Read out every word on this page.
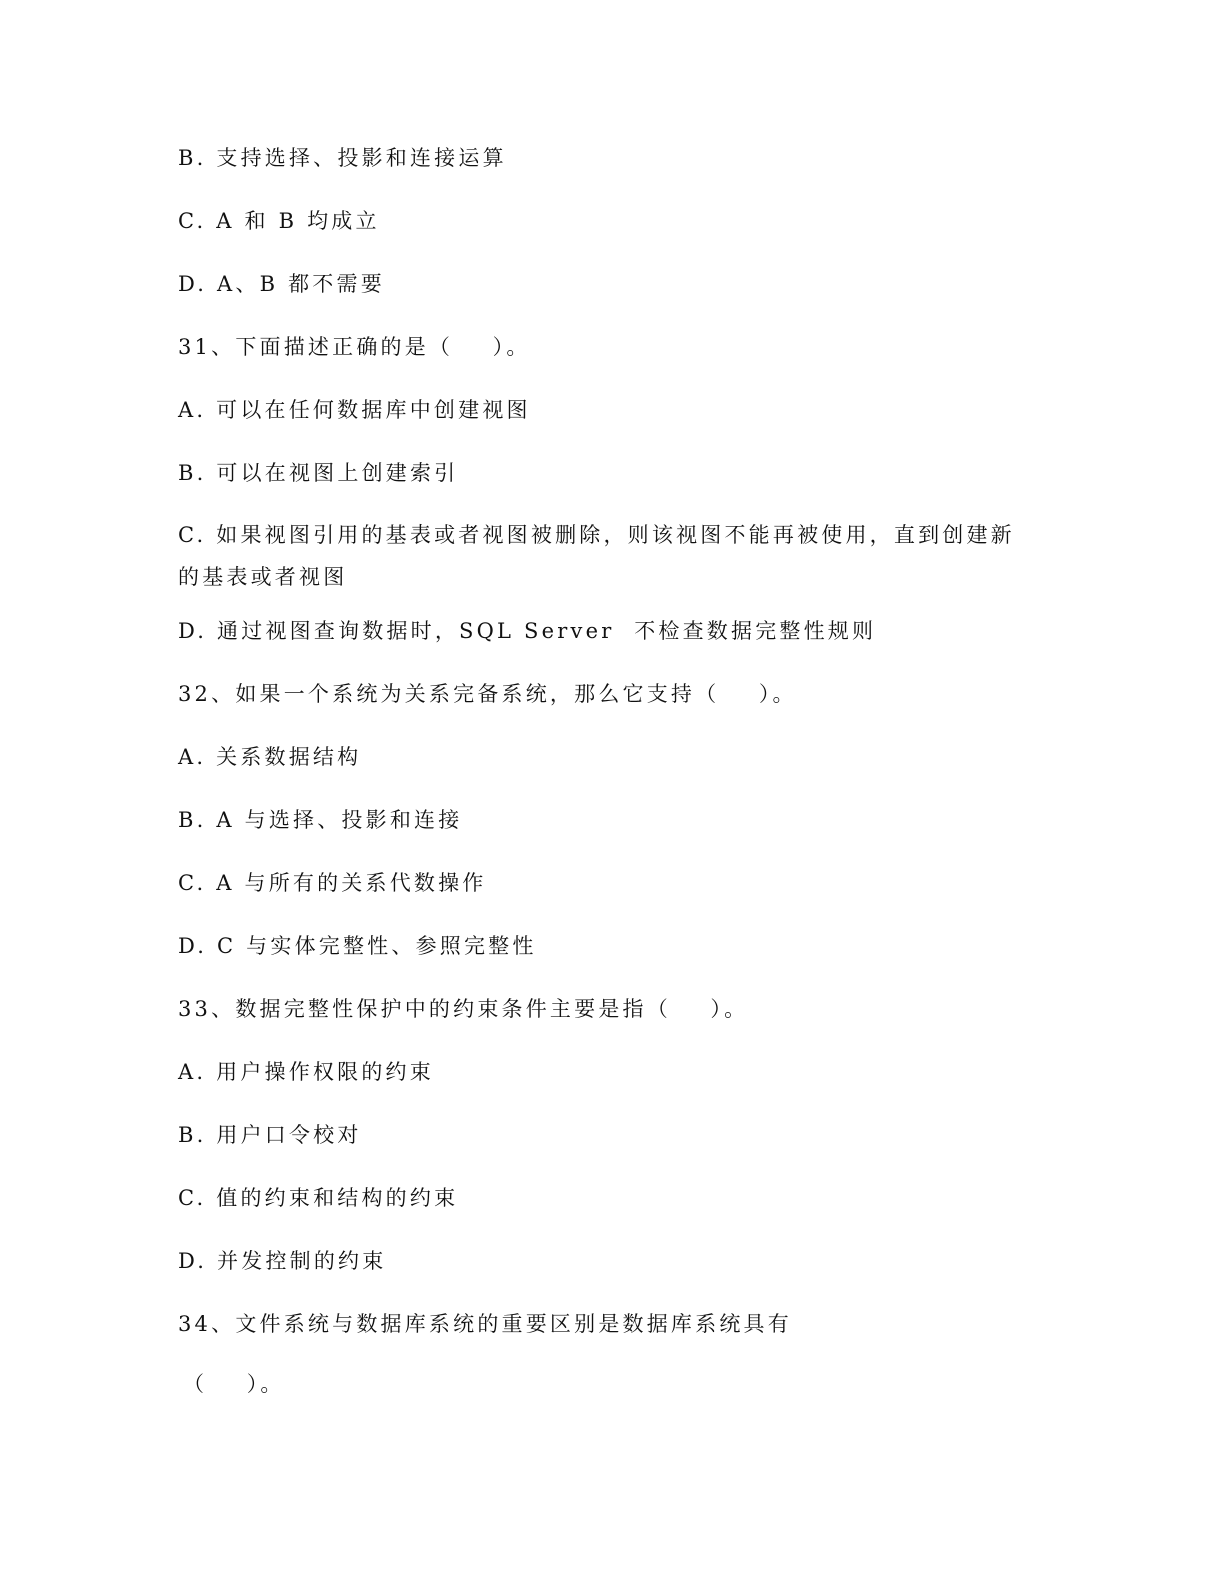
B. 支持选择、投影和连接运算
C. A 和 B 均成立
D. A、B 都不需要
31、下面描述正确的是（    ）。
A. 可以在任何数据库中创建视图
B. 可以在视图上创建索引
C. 如果视图引用的基表或者视图被删除，则该视图不能再被使用，直到创建新的基表或者视图
D. 通过视图查询数据时，SQL Server  不检查数据完整性规则
32、如果一个系统为关系完备系统，那么它支持（    ）。
A. 关系数据结构
B. A 与选择、投影和连接
C. A 与所有的关系代数操作
D. C 与实体完整性、参照完整性
33、数据完整性保护中的约束条件主要是指（    ）。
A. 用户操作权限的约束
B. 用户口令校对
C. 值的约束和结构的约束
D. 并发控制的约束
34、文件系统与数据库系统的重要区别是数据库系统具有
（    ）。
